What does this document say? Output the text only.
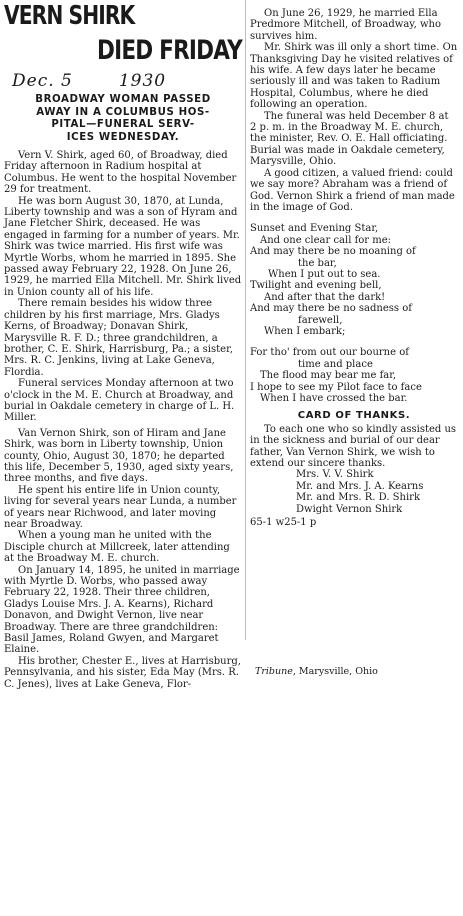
VERN SHIRK
DIED FRIDAY
Dec. 5	1930
BROADWAY WOMAN PASSED
AWAY IN A COLUMBUS HOS-
PITAL—FUNERAL SERV-
ICES WEDNESDAY.

Vern V. Shirk, aged 60, of Broadway, died Friday afternoon in Radium hospital at Columbus. He went to the hospital November 29 for treatment.

He was born August 30, 1870, at Lunda, Liberty township and was a son of Hyram and Jane Fletcher Shirk, deceased. He was engaged in farming for a number of years. Mr. Shirk was twice married. His first wife was Myrtle Worbs, whom he married in 1895. She passed away February 22, 1928. On June 26, 1929, he married Ella Mitchell. Mr. Shirk lived in Union county all of his life.

There remain besides his widow three children by his first marriage, Mrs. Gladys Kerns, of Broadway; Donavan Shirk, Marysville R. F. D.; three grandchildren, a brother, C. E. Shirk, Harrisburg, Pa.; a sister, Mrs. R. C. Jenkins, living at Lake Geneva, Flordia.

Funeral services Monday afternoon at two o'clock in the M. E. Church at Broadway, and burial in Oakdale cemetery in charge of L. H. Miller.

Van Vernon Shirk, son of Hiram and Jane Shirk, was born in Liberty township, Union county, Ohio, August 30, 1870; he departed this life, December 5, 1930, aged sixty years, three months, and five days.

He spent his entire life in Union county, living for several years near Lunda, a number of years near Richwood, and later moving near Broadway.

When a young man he united with the Disciple church at Millcreek, later attending at the Broadway M. E. church.

On January 14, 1895, he united in marriage with Myrtle D. Worbs, who passed away February 22, 1928. Their three children, Gladys Louise Mrs. J. A. Kearns), Richard Donavon, and Dwight Vernon, live near Broadway. There are three grandchildren: Basil James, Roland Gwyen, and Margaret Elaine.

His brother, Chester E., lives at Harrisburg, Pennsylvania, and his sister, Eda May (Mrs. R. C. Jenes), lives at Lake Geneva, Flor-

On June 26, 1929, he married Ella Predmore Mitchell, of Broadway, who survives him.

Mr. Shirk was ill only a short time. On Thanksgiving Day he visited relatives of his wife. A few days later he became seriously ill and was taken to Radium Hospital, Columbus, where he died following an operation.

The funeral was held December 8 at 2 p. m. in the Broadway M. E. church, the minister, Rev. O. E. Hall officiating. Burial was made in Oakdale cemetery, Marysville, Ohio.

A good citizen, a valued friend: could we say more? Abraham was a friend of God. Vernon Shirk a friend of man made in the image of God.

Sunset and Evening Star,
And one clear call for me:
And may there be no moaning of
the bar,
When I put out to sea.
Twilight and evening bell,
And after that the dark!
And may there be no sadness of
farewell,
When I embark;
For tho' from out our bourne of
time and place
The flood may bear me far,
I hope to see my Pilot face to face
When I have crossed the bar.
CARD OF THANKS.

To each one who so kindly assisted us in the sickness and burial of our dear father, Van Vernon Shirk, we wish to extend our sincere thanks.

Mrs. V. V. Shirk
Mr. and Mrs. J. A. Kearns
Mr. and Mrs. R. D. Shirk
Dwight Vernon Shirk
65-1 w25-1 p
Tribune, Marysville, Ohio
